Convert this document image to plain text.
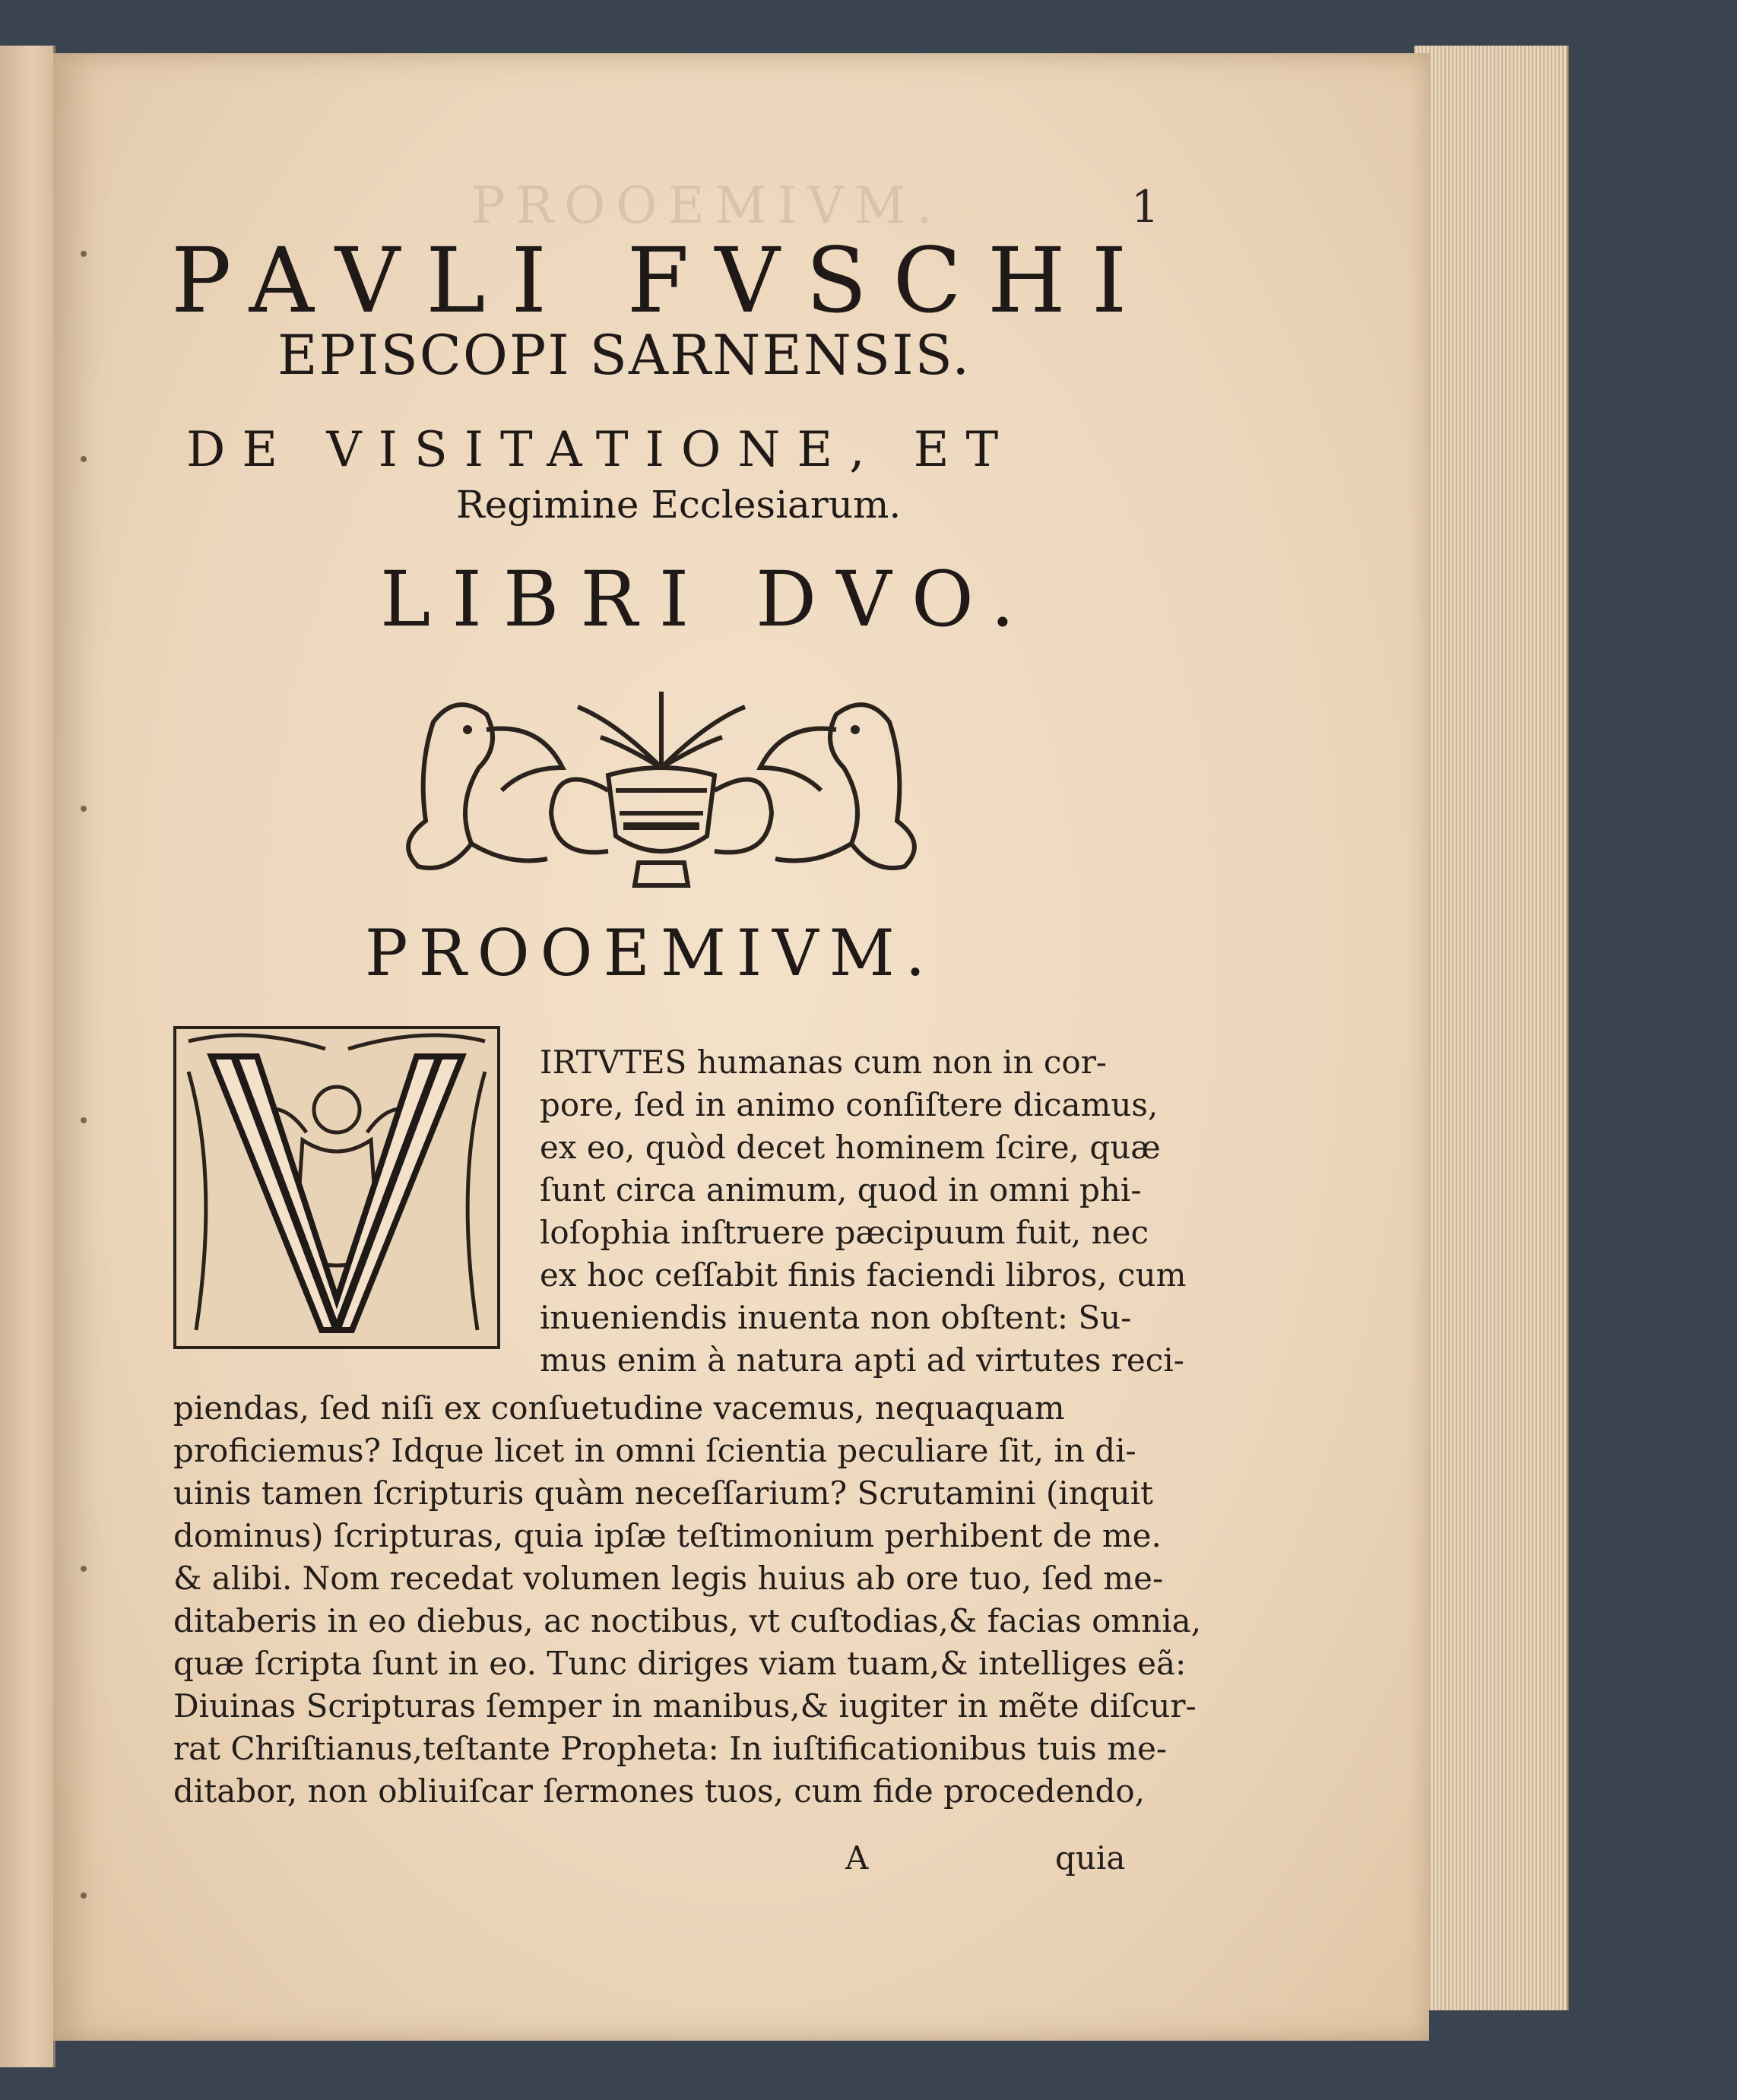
PROOEMIVM.	1
PAVLI FVSCHI
EPISCOPI SARNENSIS.
DE VISITATIONE, ET
Regimine Ecclesiarum.
LIBRI DVO.
PROOEMIVM.
IRTVTES humanas cum non in cor-
pore, ſed in animo conſiſtere dicamus,
ex eo, quòd decet hominem ſcire, quæ
ſunt circa animum, quod in omni phi-
loſophia inſtruere pæcipuum fuit, nec
ex hoc ceſſabit finis faciendi libros, cum
inueniendis inuenta non obſtent: Su-
mus enim à natura apti ad virtutes reci-
piendas, ſed niſi ex conſuetudine vacemus, nequaquam
proficiemus? Idque licet in omni ſcientia peculiare ſit, in di-
uinis tamen ſcripturis quàm neceſſarium? Scrutamini (inquit
dominus) ſcripturas, quia ipſæ teſtimonium perhibent de me.
& alibi. Nom recedat volumen legis huius ab ore tuo, ſed me-
ditaberis in eo diebus, ac noctibus, vt cuſtodias,& facias omnia,
quæ ſcripta ſunt in eo. Tunc diriges viam tuam,& intelliges eã:
Diuinas Scripturas ſemper in manibus,& iugiter in mẽte diſcur-
rat Chriſtianus,teſtante Propheta: In iuſtificationibus tuis me-
ditabor, non obliuiſcar ſermones tuos, cum fide procedendo,
A	quia
